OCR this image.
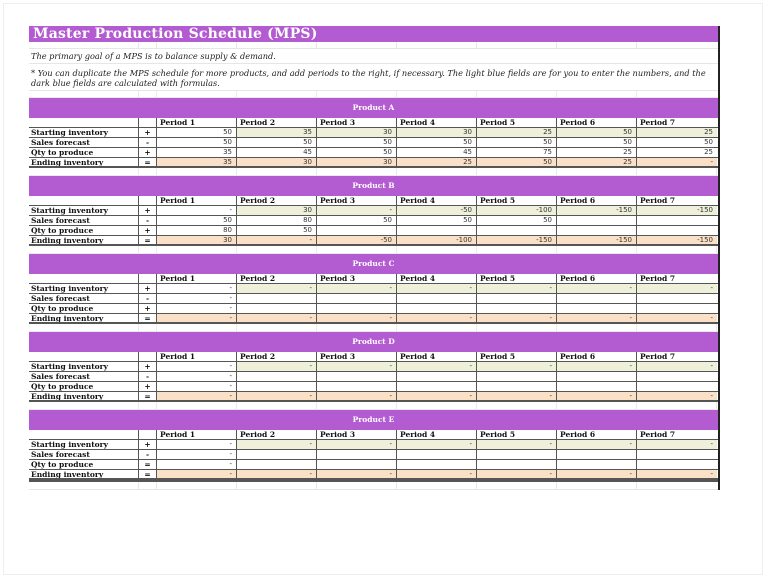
Master Production Schedule (MPS)
The primary goal of a MPS is to balance supply & demand.
* You can duplicate the MPS schedule for more products, and add periods to the right, if necessary. The light blue fields are for you to enter the numbers, and the dark blue fields are calculated with formulas.
Product A
Period 1	Period 2	Period 3	Period 4	Period 5	Period 6	Period 7
Starting inventory	+	50	35	30	30	25	50	25
Sales forecast	-	50	50	50	50	50	50	50
Qty to produce	+	35	45	50	45	75	25	25
Ending inventory	=	35	30	30	25	50	25	-
Product B
Period 1	Period 2	Period 3	Period 4	Period 5	Period 6	Period 7
Starting inventory	+	-	30	-	-50	-100	-150	-150
Sales forecast	-	50	80	50	50	50
Qty to produce	+	80	50
Ending inventory	=	30	-	-50	-100	-150	-150	-150
Product C
Period 1	Period 2	Period 3	Period 4	Period 5	Period 6	Period 7
Starting inventory	+	-	-	-	-	-	-	-
Sales forecast	-	-
Qty to produce	+	-
Ending inventory	=	-	-	-	-	-	-	-
Product D
Period 1	Period 2	Period 3	Period 4	Period 5	Period 6	Period 7
Starting inventory	+	-	-	-	-	-	-	-
Sales forecast	-	-
Qty to produce	+	-
Ending inventory	=	-	-	-	-	-	-	-
Product E
Period 1	Period 2	Period 3	Period 4	Period 5	Period 6	Period 7
Starting inventory	+	-	-	-	-	-	-	-
Sales forecast	-	-
Qty to produce	=	-
Ending inventory	=	-	-	-	-	-	-	-
